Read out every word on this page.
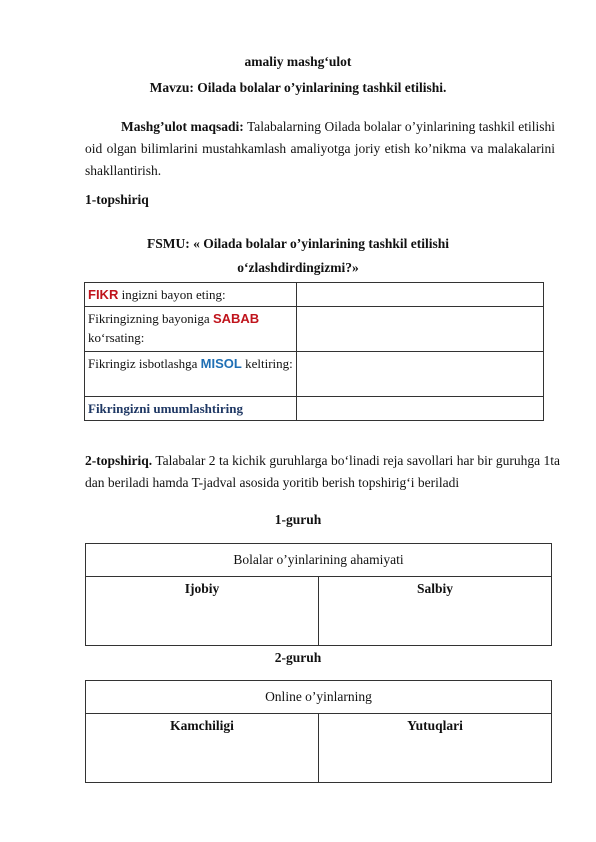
amaliy mashg‘ulot
Mavzu: Oilada bolalar o’yinlarining tashkil etilishi.
Mashg’ulot maqsadi: Talabalarning Oilada bolalar o’yinlarining tashkil etilishi oid olgan bilimlarini mustahkamlash amaliyotga joriy etish ko’nikma va malakalarini shakllantirish.
1-topshiriq
FSMU: « Oilada bolalar o’yinlarining tashkil etilishi
o‘zlashdirdingizmi?»
FIKR ingizni bayon eting:	
Fikringizning bayoniga SABAB ko‘rsating:	
Fikringiz isbotlashga MISOL keltiring:	
Fikringizni umumlashtiring	
2-topshiriq. Talabalar 2 ta kichik guruhlarga bo‘linadi reja savollari har bir guruhga 1ta dan beriladi hamda T-jadval asosida yoritib berish topshirig‘i beriladi
1-guruh
Bolalar o’yinlarining ahamiyati
Ijobiy	Salbiy
2-guruh
Online o’yinlarning
Kamchiligi	Yutuqlari
